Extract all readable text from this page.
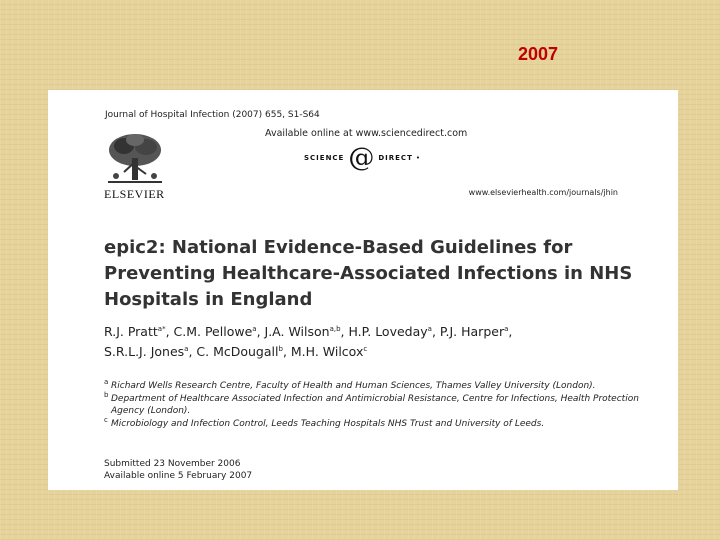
2007
Journal of Hospital Infection (2007) 655, S1-S64
ELSEVIER
Available online at www.sciencedirect.com
SCIENCE @ DIRECT •
www.elsevierhealth.com/journals/jhin
epic2: National Evidence-Based Guidelines for Preventing Healthcare-Associated Infections in NHS Hospitals in England
R.J. Pratt$^{a*}$, C.M. Pellowe$^a$, J.A. Wilson$^{a,b}$, H.P. Loveday$^a$, P.J. Harper$^a$,
S.R.L.J. Jones$^a$, C. McDougall$^b$, M.H. Wilcox$^c$
a Richard Wells Research Centre, Faculty of Health and Human Sciences, Thames Valley University (London).
b Department of Healthcare Associated Infection and Antimicrobial Resistance, Centre for Infections, Health Protection Agency (London).
c Microbiology and Infection Control, Leeds Teaching Hospitals NHS Trust and University of Leeds.
Submitted 23 November 2006
Available online 5 February 2007
